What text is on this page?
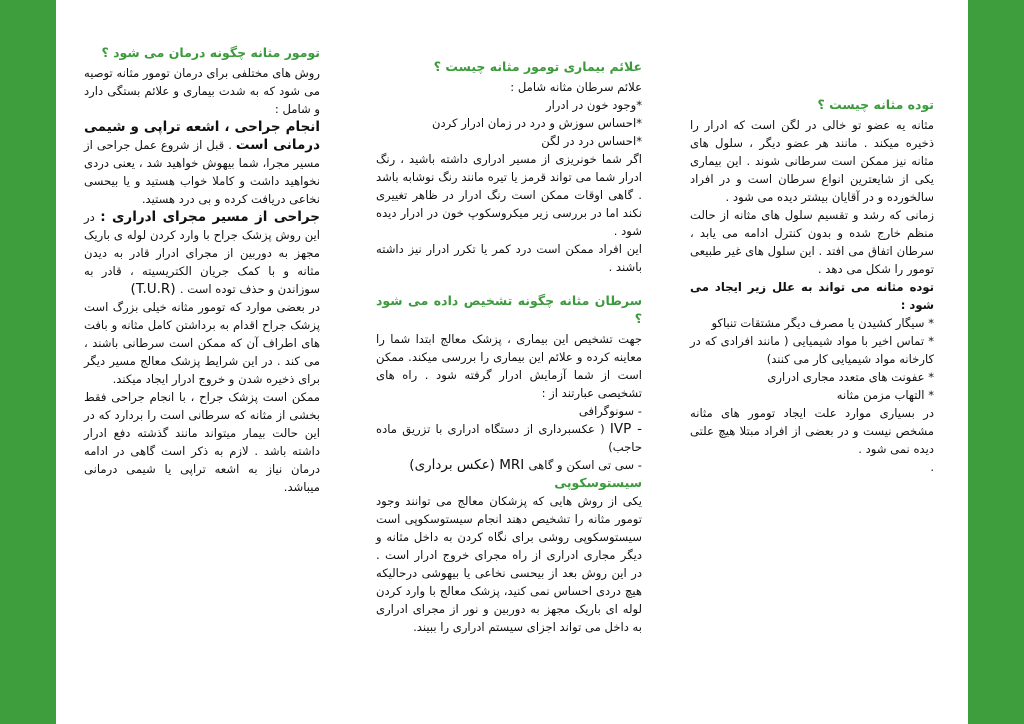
توده مثانه چیست ؟

مثانه یه عضو تو خالی در لگن است که ادرار را ذخیره میکند . مانند هر عضو دیگر ، سلول های مثانه نیز ممکن است سرطانی شوند . این بیماری یکی از شایعترین انواع سرطان است و در افراد سالخورده و در آقایان بیشتر دیده می شود .

زمانی که رشد و تقسیم سلول های مثانه از حالت منظم خارج شده و بدون کنترل ادامه می یابد ، سرطان اتفاق می افتد . این سلول های غیر طبیعی تومور را شکل می دهد .

توده مثانه می تواند به علل زیر ایجاد می شود :

* سیگار کشیدن یا مصرف دیگر مشتقات تنباکو

* تماس اخیر با مواد شیمیایی ( مانند افرادی که در کارخانه مواد شیمیایی کار می کنند)

* عفونت های متعدد مجاری ادراری

* التهاب مزمن مثانه

در بسیاری موارد علت ایجاد تومور های مثانه مشخص نیست و در بعضی از افراد مبتلا هیچ علتی دیده نمی شود .

.

علائم بیماری تومور مثانه چیست ؟

علائم سرطان مثانه شامل :

*وجود خون در ادرار

*احساس سوزش و درد در زمان ادرار کردن

*احساس درد در لگن

اگر شما خونریزی از مسیر ادراری داشته باشید ، رنگ ادرار شما می تواند قرمز یا تیره مانند رنگ نوشابه باشد . گاهی اوقات ممکن است رنگ ادرار در ظاهر تغییری نکند اما در بررسی زیر میکروسکوپ خون در ادرار دیده شود .

این افراد ممکن است درد کمر یا تکرر ادرار نیز داشته باشند .

سرطان مثانه چگونه تشخیص داده می شود ؟

جهت تشخیص این بیماری ، پزشک معالج ابتدا شما را معاینه کرده و علائم این بیماری را بررسی میکند. ممکن است از شما آزمایش ادرار گرفته شود . راه های تشخیصی عبارتند از :

- سونوگرافی

- IVP ( عکسبرداری از دستگاه ادراری با تزریق ماده حاجب)

- سی تی اسکن و گاهی MRI (عکس برداری)

سیستوسکوپی

یکی از روش هایی که پزشکان معالج می توانند وجود تومور مثانه را تشخیص دهند انجام سیستوسکوپی است سیستوسکوپی روشی برای نگاه کردن به داخل مثانه و دیگر مجاری ادراری از راه مجرای خروج ادرار است . در این روش بعد از بیحسی نخاعی یا بیهوشی درحالیکه هیچ دردی احساس نمی کنید، پزشک معالج با وارد کردن لوله ای باریک مجهز به دوربین و نور از مجرای ادراری به داخل می تواند اجزای سیستم ادراری را ببیند.

تومور مثانه چگونه درمان می شود ؟

روش های مختلفی برای درمان تومور مثانه توصیه می شود که به شدت بیماری و علائم بستگی دارد و شامل :

انجام جراحی ، اشعه تراپی و شیمی درمانی است . قبل از شروع عمل جراحی از مسیر مجرا، شما بیهوش خواهید شد ، یعنی دردی نخواهید داشت و کاملا خواب هستید و یا بیحسی نخاعی دریافت کرده و بی درد هستید.

جراحی از مسیر مجرای ادراری : در این روش پزشک جراح با وارد کردن لوله ی باریک مجهز به دوربین از مجرای ادرار قادر به دیدن مثانه و با کمک جریان الکتریسیته ، قادر به سوزاندن و حذف توده است . (T.U.R)

در بعضی موارد که تومور مثانه خیلی بزرگ است پزشک جراح اقدام به برداشتن کامل مثانه و بافت های اطراف آن که ممکن است سرطانی باشند ، می کند . در این شرایط پزشک معالج مسیر دیگر برای ذخیره شدن و خروج ادرار ایجاد میکند.

ممکن است پزشک جراح ، با انجام جراحی فقط بخشی از مثانه که سرطانی است را بردارد که در این حالت بیمار میتواند مانند گذشته دفع ادرار داشته باشد . لازم به ذکر است گاهی در ادامه درمان نیاز به اشعه تراپی یا شیمی درمانی میباشد.
